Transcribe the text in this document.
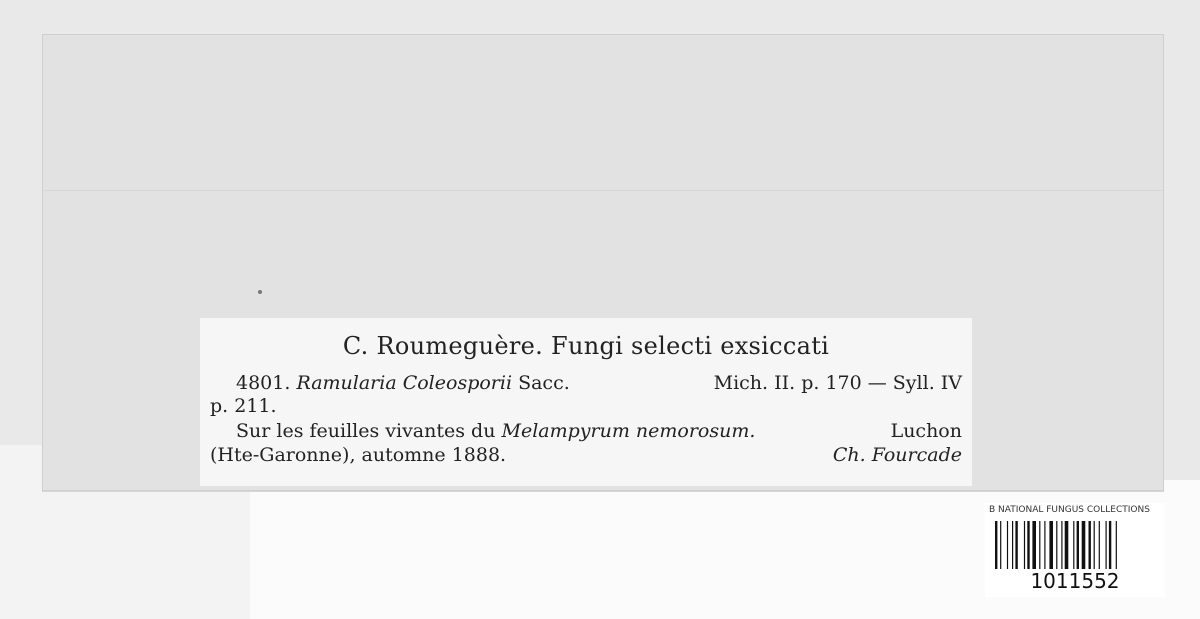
C. Roumeguère. Fungi selecti exsiccati
4801. Ramularia Coleosporii Sacc.	Mich. II. p. 170 — Syll. IV
p. 211.
Sur les feuilles vivantes du Melampyrum nemorosum.	Luchon
(Hte-Garonne), automne 1888.	Ch. Fourcade
B NATIONAL FUNGUS COLLECTIONS
1011552
